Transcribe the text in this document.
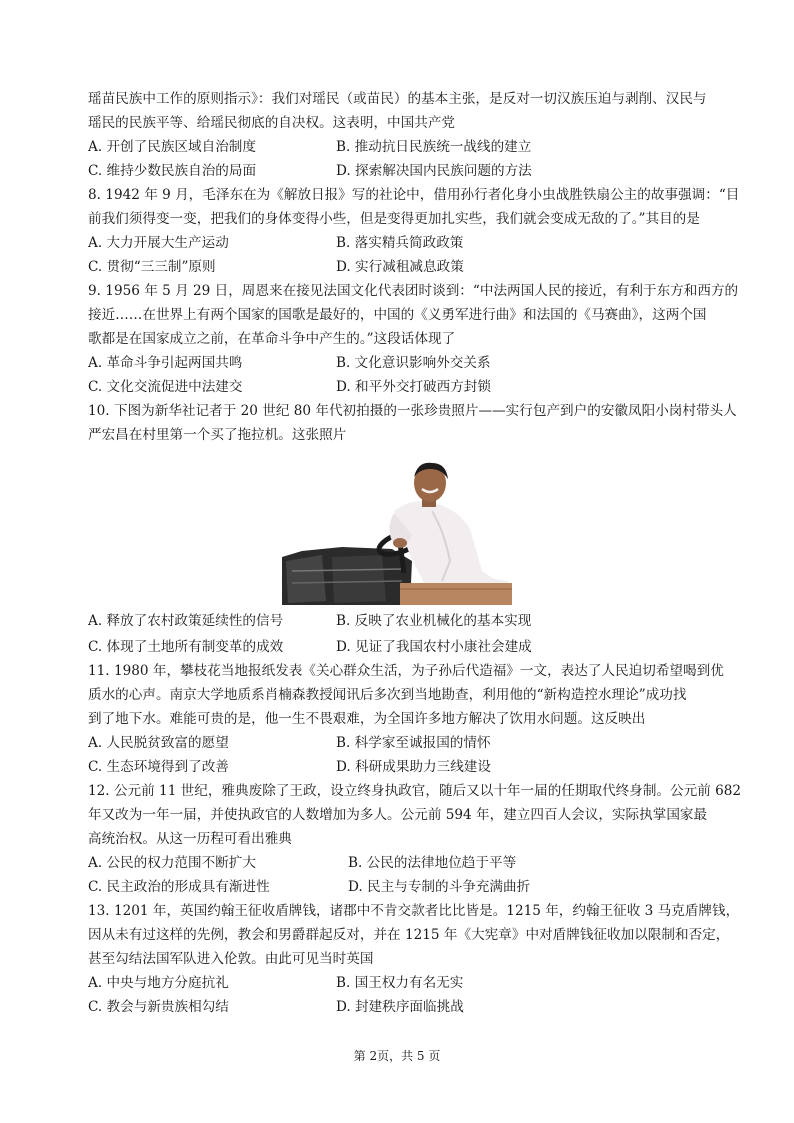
瑶苗民族中工作的原则指示》：我们对瑶民（或苗民）的基本主张，是反对一切汉族压迫与剥削、汉民与
瑶民的民族平等、给瑶民彻底的自决权。这表明，中国共产党
A. 开创了民族区域自治制度	B. 推动抗日民族统一战线的建立
C. 维持少数民族自治的局面	D. 探索解决国内民族问题的方法
8. 1942 年 9 月，毛泽东在为《解放日报》写的社论中，借用孙行者化身小虫战胜铁扇公主的故事强调：“目
前我们须得变一变，把我们的身体变得小些，但是变得更加扎实些，我们就会变成无敌的了。”其目的是
A. 大力开展大生产运动	B. 落实精兵简政政策
C. 贯彻“三三制”原则	D. 实行减租减息政策
9. 1956 年 5 月 29 日，周恩来在接见法国文化代表团时谈到：“中法两国人民的接近，有利于东方和西方的
接近……在世界上有两个国家的国歌是最好的，中国的《义勇军进行曲》和法国的《马赛曲》，这两个国
歌都是在国家成立之前，在革命斗争中产生的。”这段话体现了
A. 革命斗争引起两国共鸣	B. 文化意识影响外交关系
C. 文化交流促进中法建交	D. 和平外交打破西方封锁
10. 下图为新华社记者于 20 世纪 80 年代初拍摄的一张珍贵照片——实行包产到户的安徽凤阳小岗村带头人
严宏昌在村里第一个买了拖拉机。这张照片
A. 释放了农村政策延续性的信号	B. 反映了农业机械化的基本实现
C. 体现了土地所有制变革的成效	D. 见证了我国农村小康社会建成
11. 1980 年，攀枝花当地报纸发表《关心群众生活，为子孙后代造福》一文，表达了人民迫切希望喝到优
质水的心声。南京大学地质系肖楠森教授闻讯后多次到当地勘查，利用他的“新构造控水理论”成功找
到了地下水。难能可贵的是，他一生不畏艰难，为全国许多地方解决了饮用水问题。这反映出
A. 人民脱贫致富的愿望	B. 科学家至诚报国的情怀
C. 生态环境得到了改善	D. 科研成果助力三线建设
12. 公元前 11 世纪，雅典废除了王政，设立终身执政官，随后又以十年一届的任期取代终身制。公元前 682
年又改为一年一届，并使执政官的人数增加为多人。公元前 594 年，建立四百人会议，实际执掌国家最
高统治权。从这一历程可看出雅典
A. 公民的权力范围不断扩大	B. 公民的法律地位趋于平等
C. 民主政治的形成具有渐进性	D. 民主与专制的斗争充满曲折
13. 1201 年，英国约翰王征收盾牌钱，诸郡中不肯交款者比比皆是。1215 年，约翰王征收 3 马克盾牌钱，
因从未有过这样的先例，教会和男爵群起反对，并在 1215 年《大宪章》中对盾牌钱征收加以限制和否定，
甚至勾结法国军队进入伦敦。由此可见当时英国
A. 中央与地方分庭抗礼	B. 国王权力有名无实
C. 教会与新贵族相勾结	D. 封建秩序面临挑战
第 2页，共 5 页
